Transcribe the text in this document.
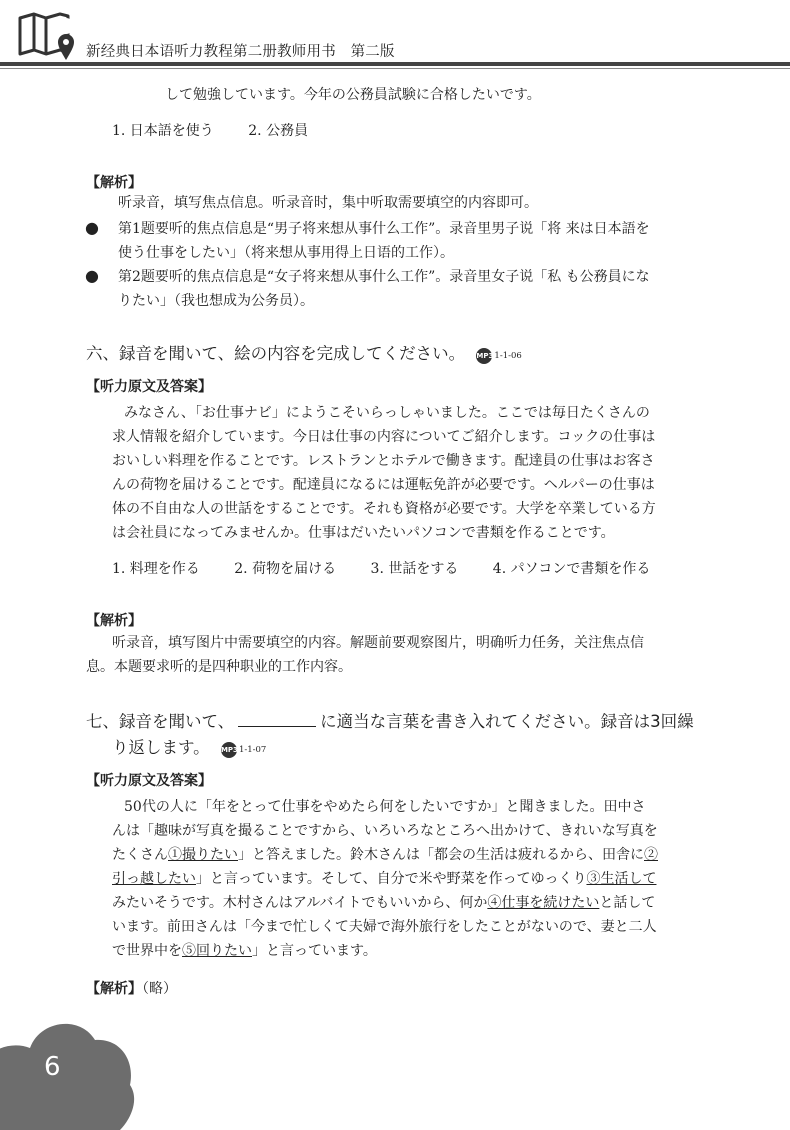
新经典日本语听力教程第二册教师用书　第二版
して勉強しています。今年の公務員試験に合格したいです。
1. 日本語を使う 2. 公務員
【解析】
听录音，填写焦点信息。听录音时，集中听取需要填空的内容即可。
● 第1题要听的焦点信息是“男子将来想从事什么工作”。录音里男子说「将 来は日本語を
使う仕事をしたい」（将来想从事用得上日语的工作）。
● 第2题要听的焦点信息是“女子将来想从事什么工作”。录音里女子说「私 も公務員にな
りたい」（我也想成为公务员）。
六、録音を聞いて、絵の内容を完成してください。 MP31-1-06
【听力原文及答案】
みなさん、「お仕事ナビ」にようこそいらっしゃいました。ここでは毎日たくさんの
求人情報を紹介しています。今日は仕事の内容についてご紹介します。コックの仕事は
おいしい料理を作ることです。レストランとホテルで働きます。配達員の仕事はお客さ
んの荷物を届けることです。配達員になるには運転免許が必要です。ヘルパーの仕事は
体の不自由な人の世話をすることです。それも資格が必要です。大学を卒業している方
は会社員になってみませんか。仕事はだいたいパソコンで書類を作ることです。
1. 料理を作る 2. 荷物を届ける 3. 世話をする 4. パソコンで書類を作る
【解析】
听录音，填写图片中需要填空的内容。解题前要观察图片，明确听力任务，关注焦点信
息。本题要求听的是四种职业的工作内容。
七、録音を聞いて、	に適当な言葉を書き入れてください。録音は3回繰
り返します。 MP31-1-07
【听力原文及答案】
50代の人に「年をとって仕事をやめたら何をしたいですか」と聞きました。田中さ
んは「趣味が写真を撮ることですから、いろいろなところへ出かけて、きれいな写真を
たくさん①撮りたい」と答えました。鈴木さんは「都会の生活は疲れるから、田舎に②
引っ越したい」と言っています。そして、自分で米や野菜を作ってゆっくり③生活して
みたいそうです。木村さんはアルバイトでもいいから、何か④仕事を続けたいと話して
います。前田さんは「今まで忙しくて夫婦で海外旅行をしたことがないので、妻と二人
で世界中を⑤回りたい」と言っています。
【解析】（略）
6
